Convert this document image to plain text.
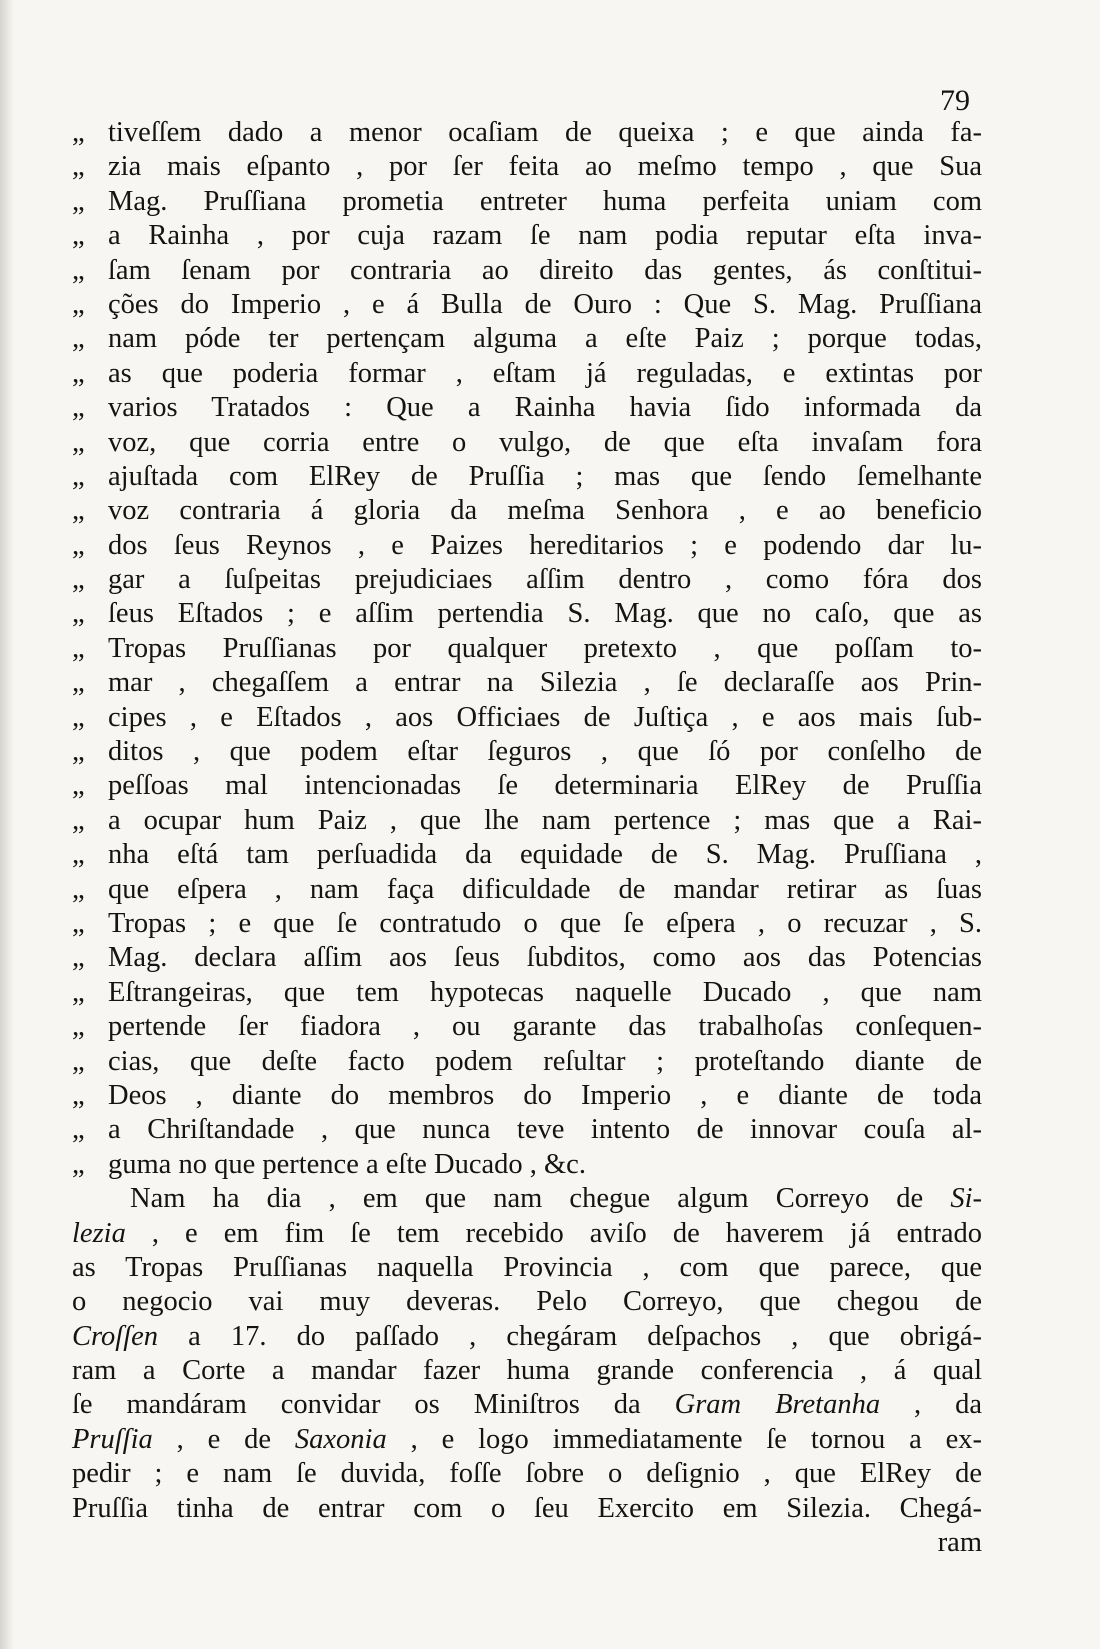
79
„ tiveſſem dado a menor ocaſiam de queixa ; e que ainda fa-
„ zia mais eſpanto , por ſer feita ao meſmo tempo , que Sua
„ Mag. Pruſſiana prometia entreter huma perfeita uniam com
„ a Rainha , por cuja razam ſe nam podia reputar eſta inva-
„ ſam ſenam por contraria ao direito das gentes, ás conſtitui-
„ ções do Imperio , e á Bulla de Ouro : Que S. Mag. Pruſſiana
„ nam póde ter pertençam alguma a eſte Paiz ; porque todas,
„ as que poderia formar , eſtam já reguladas, e extintas por
„ varios Tratados : Que a Rainha havia ſido informada da
„ voz, que corria entre o vulgo, de que eſta invaſam fora
„ ajuſtada com ElRey de Pruſſia ; mas que ſendo ſemelhante
„ voz contraria á gloria da meſma Senhora , e ao beneficio
„ dos ſeus Reynos , e Paizes hereditarios ; e podendo dar lu-
„ gar a ſuſpeitas prejudiciaes aſſim dentro , como fóra dos
„ ſeus Eſtados ; e aſſim pertendia S. Mag. que no caſo, que as
„ Tropas Pruſſianas por qualquer pretexto , que poſſam to-
„ mar , chegaſſem a entrar na Silezia , ſe declaraſſe aos Prin-
„ cipes , e Eſtados , aos Officiaes de Juſtiça , e aos mais ſub-
„ ditos , que podem eſtar ſeguros , que ſó por conſelho de
„ peſſoas mal intencionadas ſe determinaria ElRey de Pruſſia
„ a ocupar hum Paiz , que lhe nam pertence ; mas que a Rai-
„ nha eſtá tam perſuadida da equidade de S. Mag. Pruſſiana ,
„ que eſpera , nam faça dificuldade de mandar retirar as ſuas
„ Tropas ; e que ſe contratudo o que ſe eſpera , o recuzar , S.
„ Mag. declara aſſim aos ſeus ſubditos, como aos das Potencias
„ Eſtrangeiras, que tem hypotecas naquelle Ducado , que nam
„ pertende ſer fiadora , ou garante das trabalhoſas conſequen-
„ cias, que deſte facto podem reſultar ; proteſtando diante de
„ Deos , diante do membros do Imperio , e diante de toda
„ a Chriſtandade , que nunca teve intento de innovar couſa al-
„ guma no que pertence a eſte Ducado , &c.
Nam ha dia , em que nam chegue algum Correyo de Si-
lezia , e em fim ſe tem recebido aviſo de haverem já entrado
as Tropas Pruſſianas naquella Provincia , com que parece, que
o negocio vai muy deveras. Pelo Correyo, que chegou de
Croſſen a 17. do paſſado , chegáram deſpachos , que obrigá-
ram a Corte a mandar fazer huma grande conferencia , á qual
ſe mandáram convidar os Miniſtros da Gram Bretanha , da
Pruſſia , e de Saxonia , e logo immediatamente ſe tornou a ex-
pedir ; e nam ſe duvida, foſſe ſobre o deſignio , que ElRey de
Pruſſia tinha de entrar com o ſeu Exercito em Silezia. Chegá-
ram
